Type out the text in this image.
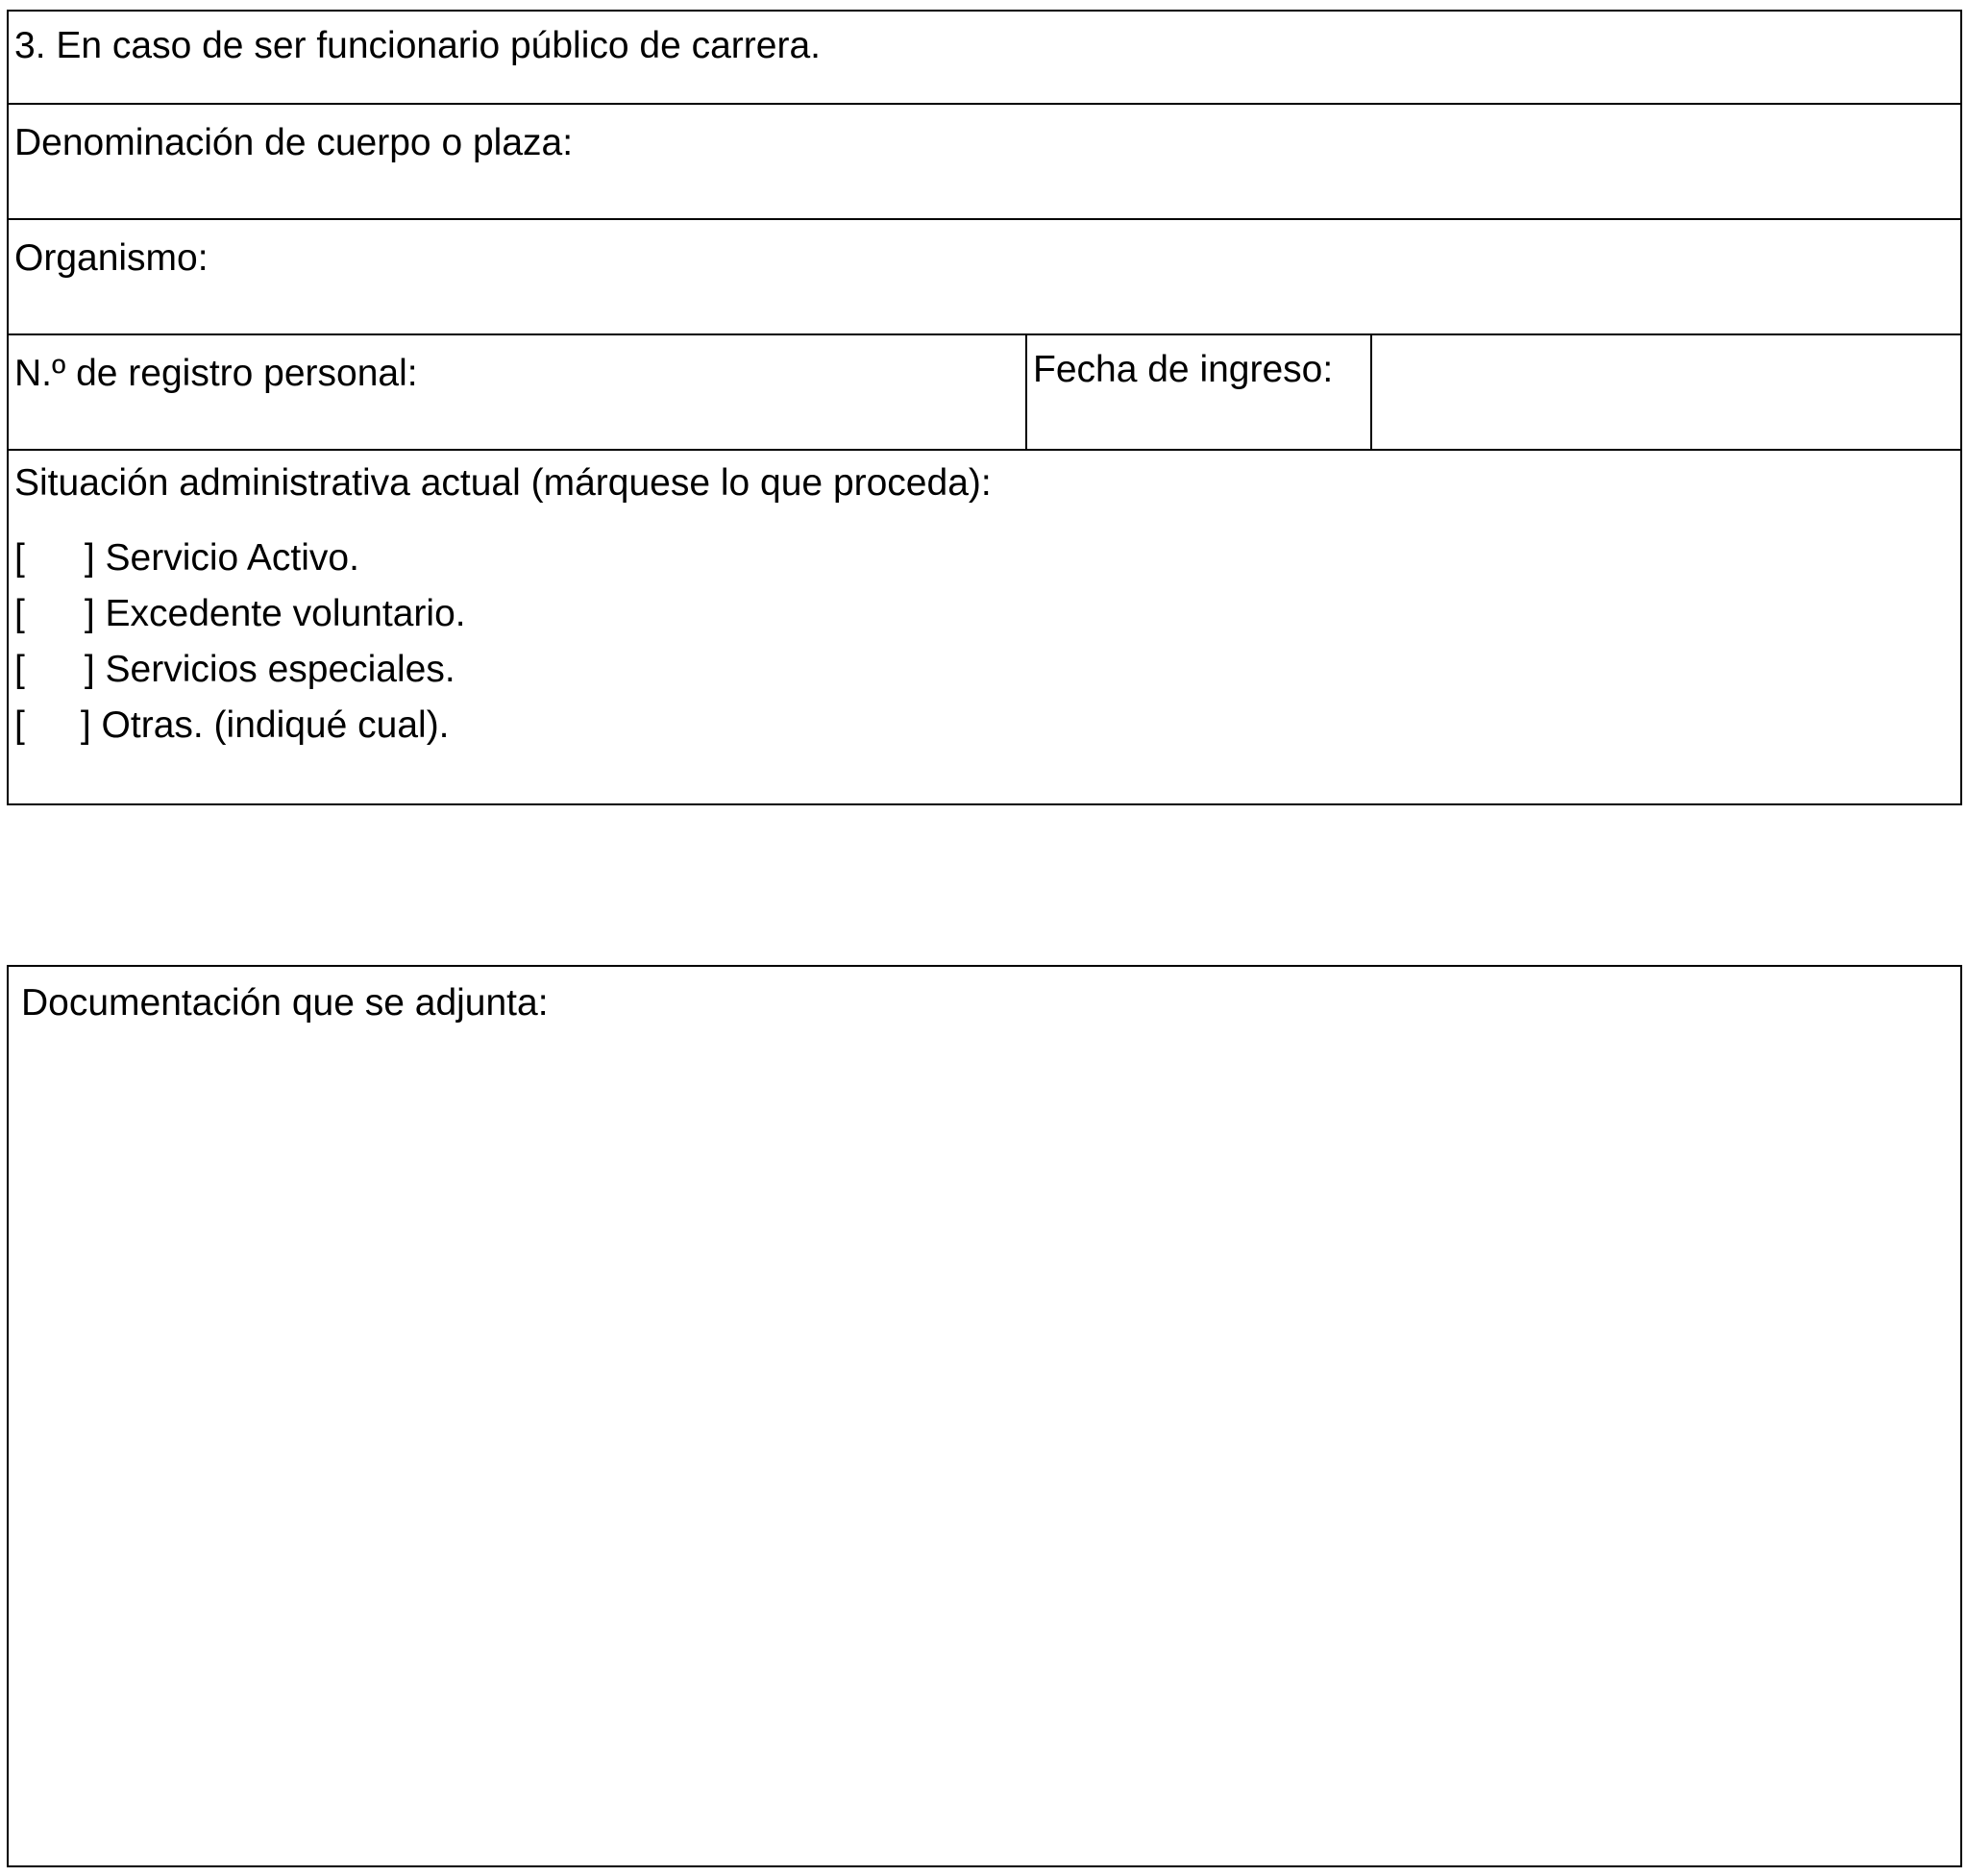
3. En caso de ser funcionario público de carrera.
Denominación de cuerpo o plaza:
Organismo:
N.º de registro personal:	Fecha de ingreso:
Situación administrativa actual (márquese lo que proceda):
[ ] Servicio Activo.
[ ] Excedente voluntario.
[ ] Servicios especiales.
[ ] Otras. (indiqué cual).
Documentación que se adjunta:
